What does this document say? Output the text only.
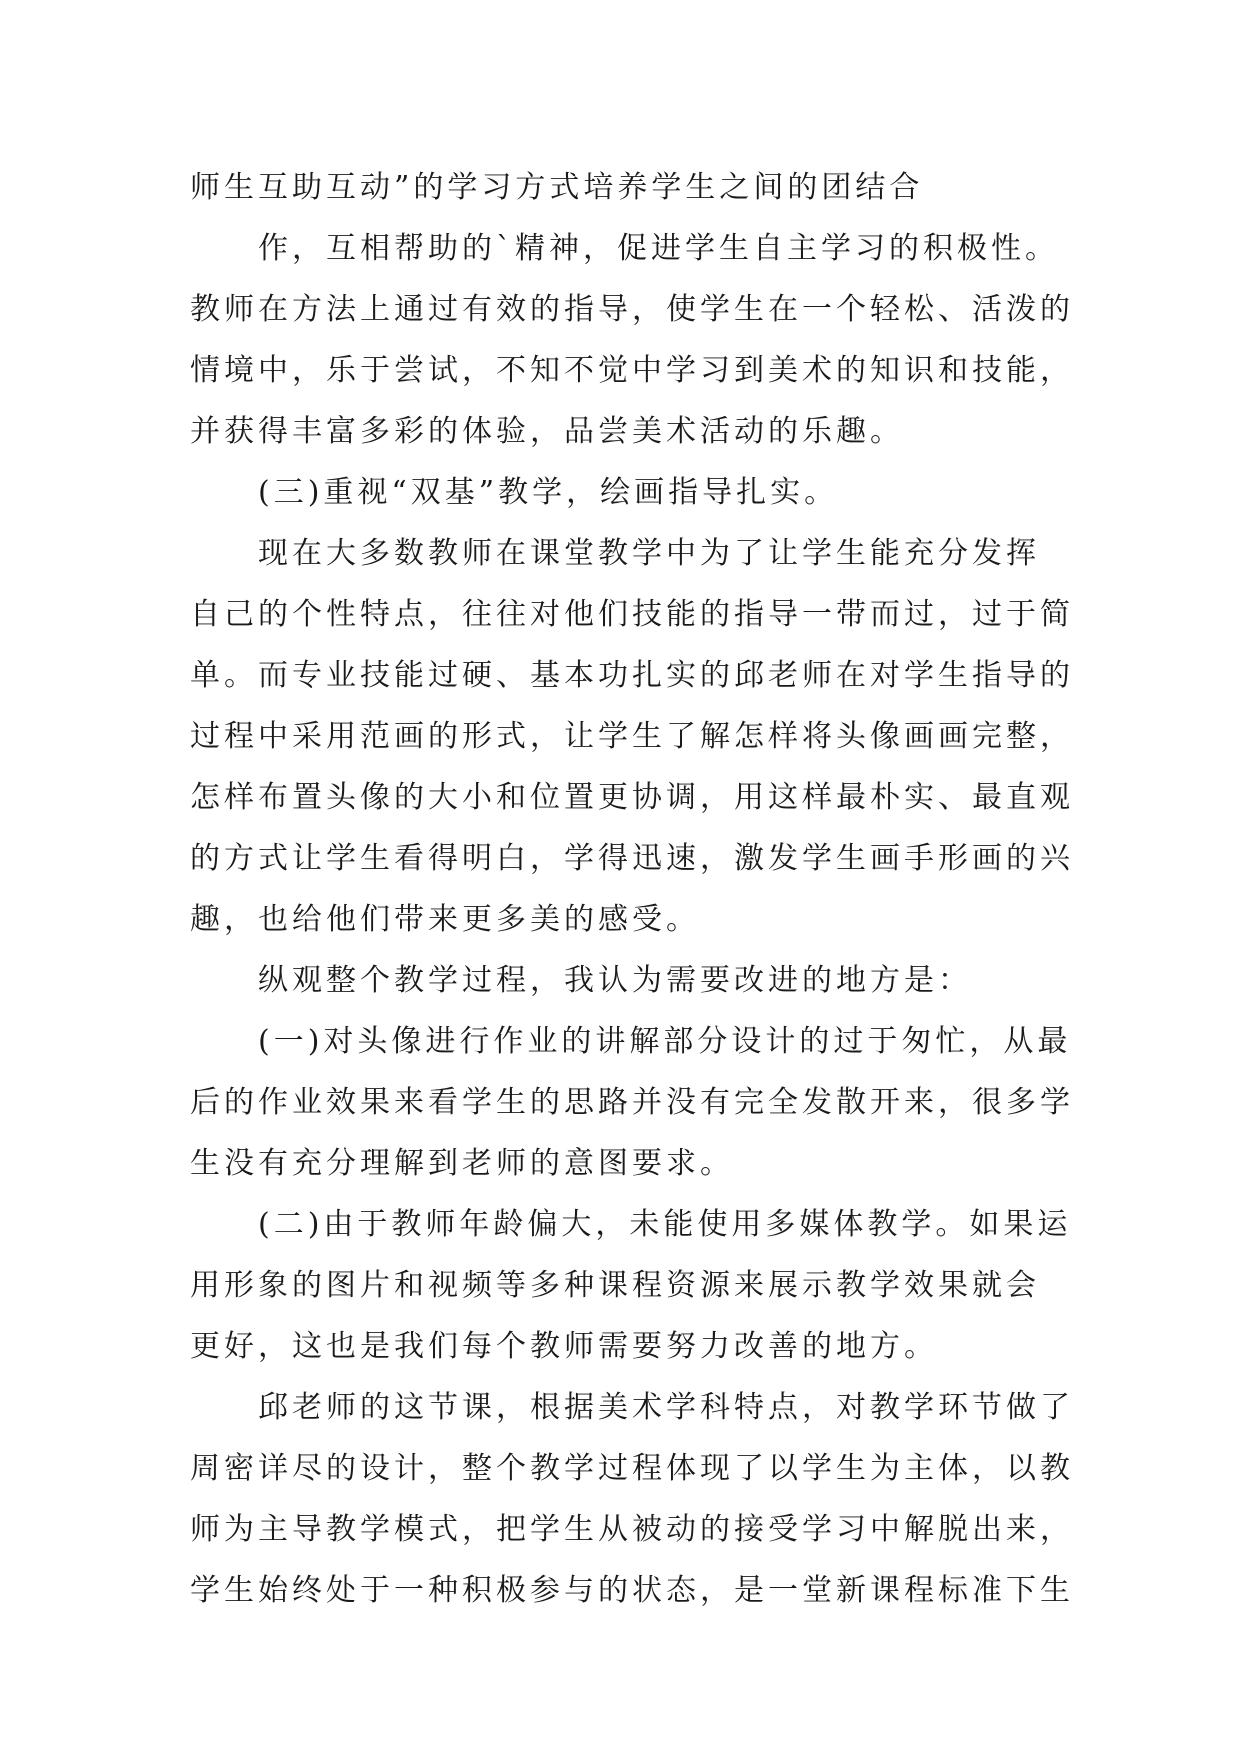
师生互助互动”的学习方式培养学生之间的团结合
作，互相帮助的`精神，促进学生自主学习的积极性。
教师在方法上通过有效的指导，使学生在一个轻松、活泼的
情境中，乐于尝试，不知不觉中学习到美术的知识和技能，
并获得丰富多彩的体验，品尝美术活动的乐趣。
(三)重视“双基”教学，绘画指导扎实。
现在大多数教师在课堂教学中为了让学生能充分发挥
自己的个性特点，往往对他们技能的指导一带而过，过于简
单。而专业技能过硬、基本功扎实的邱老师在对学生指导的
过程中采用范画的形式，让学生了解怎样将头像画画完整，
怎样布置头像的大小和位置更协调，用这样最朴实、最直观
的方式让学生看得明白，学得迅速，激发学生画手形画的兴
趣，也给他们带来更多美的感受。
纵观整个教学过程，我认为需要改进的地方是：
(一)对头像进行作业的讲解部分设计的过于匆忙，从最
后的作业效果来看学生的思路并没有完全发散开来，很多学
生没有充分理解到老师的意图要求。
(二)由于教师年龄偏大，未能使用多媒体教学。如果运
用形象的图片和视频等多种课程资源来展示教学效果就会
更好，这也是我们每个教师需要努力改善的地方。
邱老师的这节课，根据美术学科特点，对教学环节做了
周密详尽的设计，整个教学过程体现了以学生为主体，以教
师为主导教学模式，把学生从被动的接受学习中解脱出来，
学生始终处于一种积极参与的状态，是一堂新课程标准下生
